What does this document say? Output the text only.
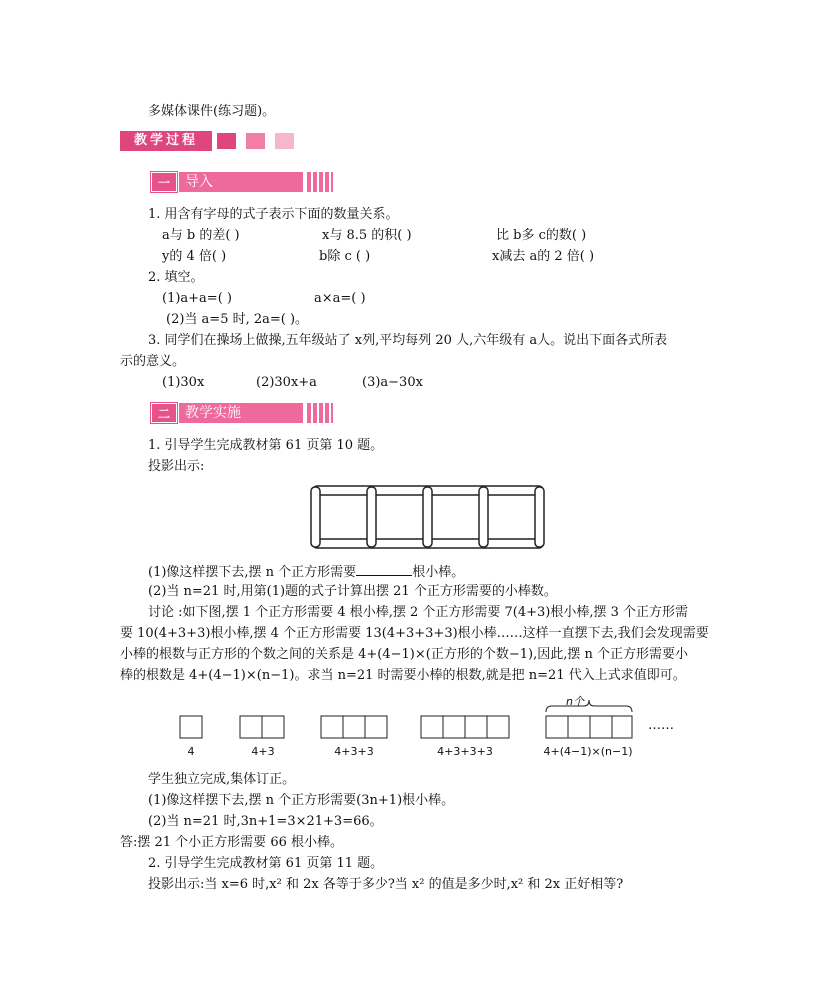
多媒体课件(练习题)。
教学过程
一	导入
1. 用含有字母的式子表示下面的数量关系。
a与 b 的差( )	x与 8.5 的积( )	比 b多 c的数( )
y的 4 倍( )	b除 c ( )	x减去 a的 2 倍( )
2. 填空。
(1)a+a=( )	a×a=( )
(2)当 a=5 时, 2a=( )。
3. 同学们在操场上做操,五年级站了 x列,平均每列 20 人,六年级有 a人。说出下面各式所表
示的意义。
(1)30x	(2)30x+a	(3)a−30x
二	教学实施
1. 引导学生完成教材第 61 页第 10 题。
投影出示:
(1)像这样摆下去,摆 n 个正方形需要	根小棒。
(2)当 n=21 时,用第(1)题的式子计算出摆 21 个正方形需要的小棒数。
讨论 :如下图,摆 1 个正方形需要 4 根小棒,摆 2 个正方形需要 7(4+3)根小棒,摆 3 个正方形需
要 10(4+3+3)根小棒,摆 4 个正方形需要 13(4+3+3+3)根小棒……这样一直摆下去,我们会发现需要
小棒的根数与正方形的个数之间的关系是 4+(4−1)×(正方形的个数−1),因此,摆 n 个正方形需要小
棒的根数是 4+(4−1)×(n−1)。求当 n=21 时需要小棒的根数,就是把 n=21 代入上式求值即可。
n个
……
4	4+3	4+3+3	4+3+3+3	4+(4−1)×(n−1)
学生独立完成,集体订正。
(1)像这样摆下去,摆 n 个正方形需要(3n+1)根小棒。
(2)当 n=21 时,3n+1=3×21+3=66。
答:摆 21 个小正方形需要 66 根小棒。
2. 引导学生完成教材第 61 页第 11 题。
投影出示:当 x=6 时,x² 和 2x 各等于多少?当 x² 的值是多少时,x² 和 2x 正好相等?
